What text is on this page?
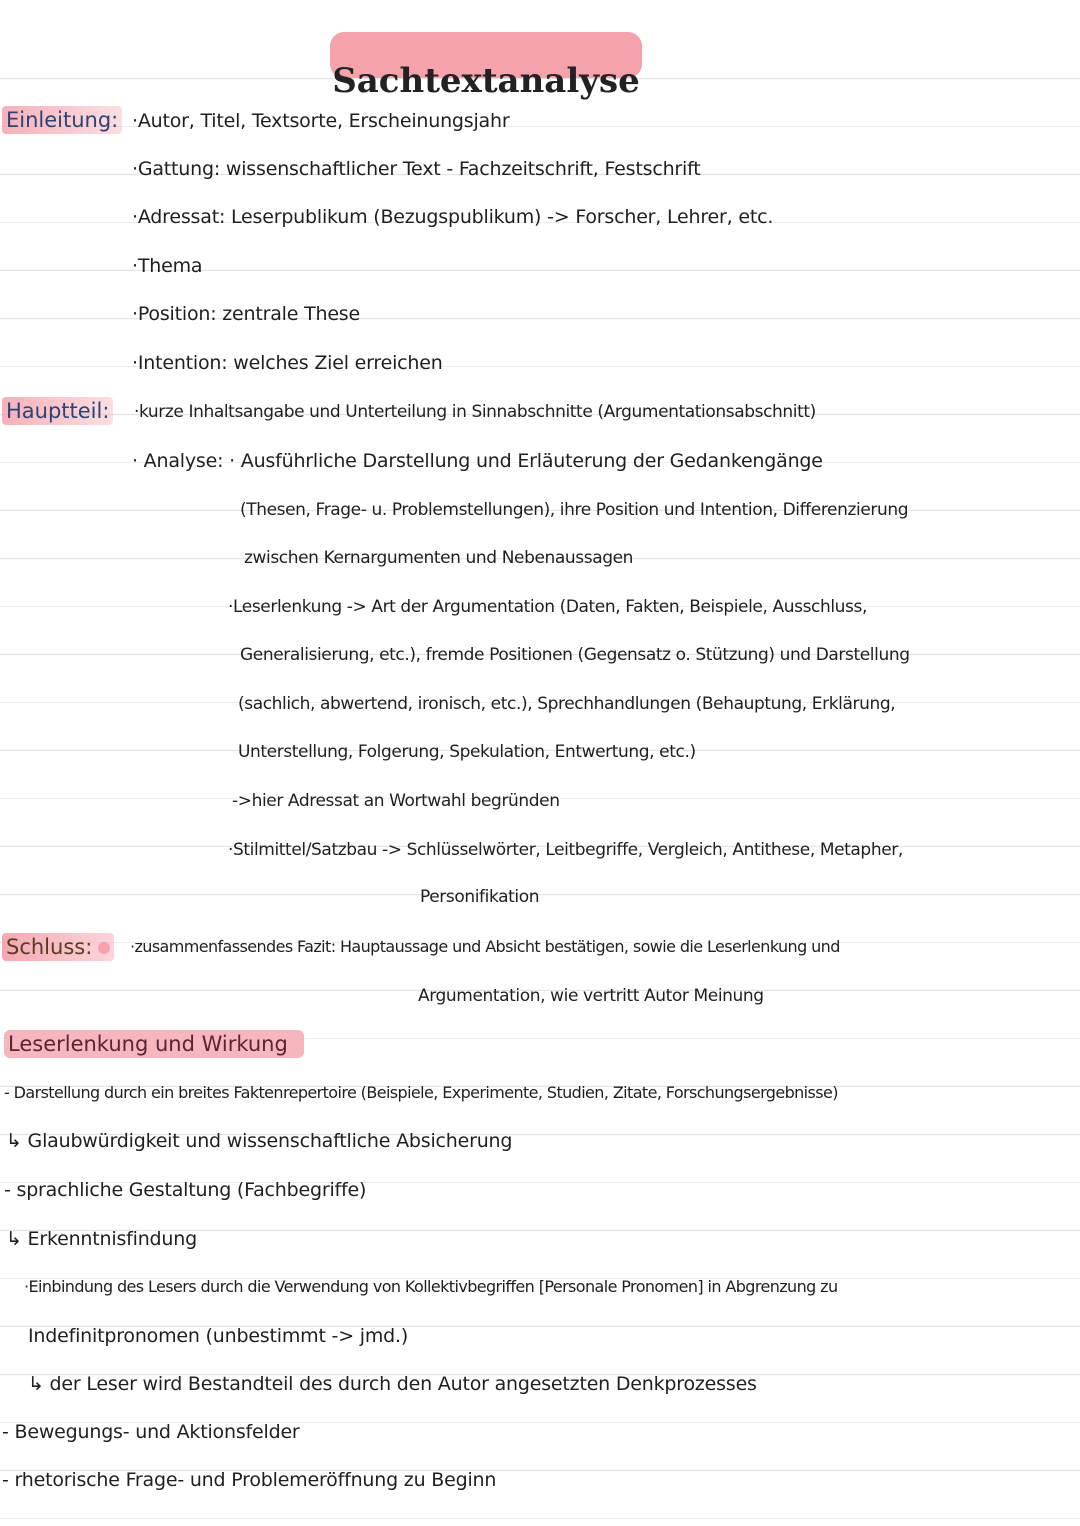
Sachtextanalyse
Einleitung: ·Autor, Titel, Textsorte, Erscheinungsjahr

·Gattung: wissenschaftlicher Text - Fachzeitschrift, Festschrift

·Adressat: Leserpublikum (Bezugspublikum) -> Forscher, Lehrer, etc.

·Thema

·Position: zentrale These

·Intention: welches Ziel erreichen

Hauptteil: ·kurze Inhaltsangabe und Unterteilung in Sinnabschnitte (Argumentationsabschnitt)

· Analyse: · Ausführliche Darstellung und Erläuterung der Gedankengänge

(Thesen, Frage- u. Problemstellungen), ihre Position und Intention, Differenzierung

zwischen Kernargumenten und Nebenaussagen

·Leserlenkung -> Art der Argumentation (Daten, Fakten, Beispiele, Ausschluss,

Generalisierung, etc.), fremde Positionen (Gegensatz o. Stützung) und Darstellung

(sachlich, abwertend, ironisch, etc.), Sprechhandlungen (Behauptung, Erklärung,

Unterstellung, Folgerung, Spekulation, Entwertung, etc.)

->hier Adressat an Wortwahl begründen

·Stilmittel/Satzbau -> Schlüsselwörter, Leitbegriffe, Vergleich, Antithese, Metapher,

Personifikation

Schluss:	·zusammenfassendes Fazit: Hauptaussage und Absicht bestätigen, sowie die Leserlenkung und

Argumentation, wie vertritt Autor Meinung

Leserlenkung und Wirkung

- Darstellung durch ein breites Faktenrepertoire (Beispiele, Experimente, Studien, Zitate, Forschungsergebnisse)

↳ Glaubwürdigkeit und wissenschaftliche Absicherung

- sprachliche Gestaltung (Fachbegriffe)

↳ Erkenntnisfindung

·Einbindung des Lesers durch die Verwendung von Kollektivbegriffen [Personale Pronomen] in Abgrenzung zu

Indefinitpronomen (unbestimmt -> jmd.)

↳ der Leser wird Bestandteil des durch den Autor angesetzten Denkprozesses

- Bewegungs- und Aktionsfelder

- rhetorische Frage- und Problemeröffnung zu Beginn
